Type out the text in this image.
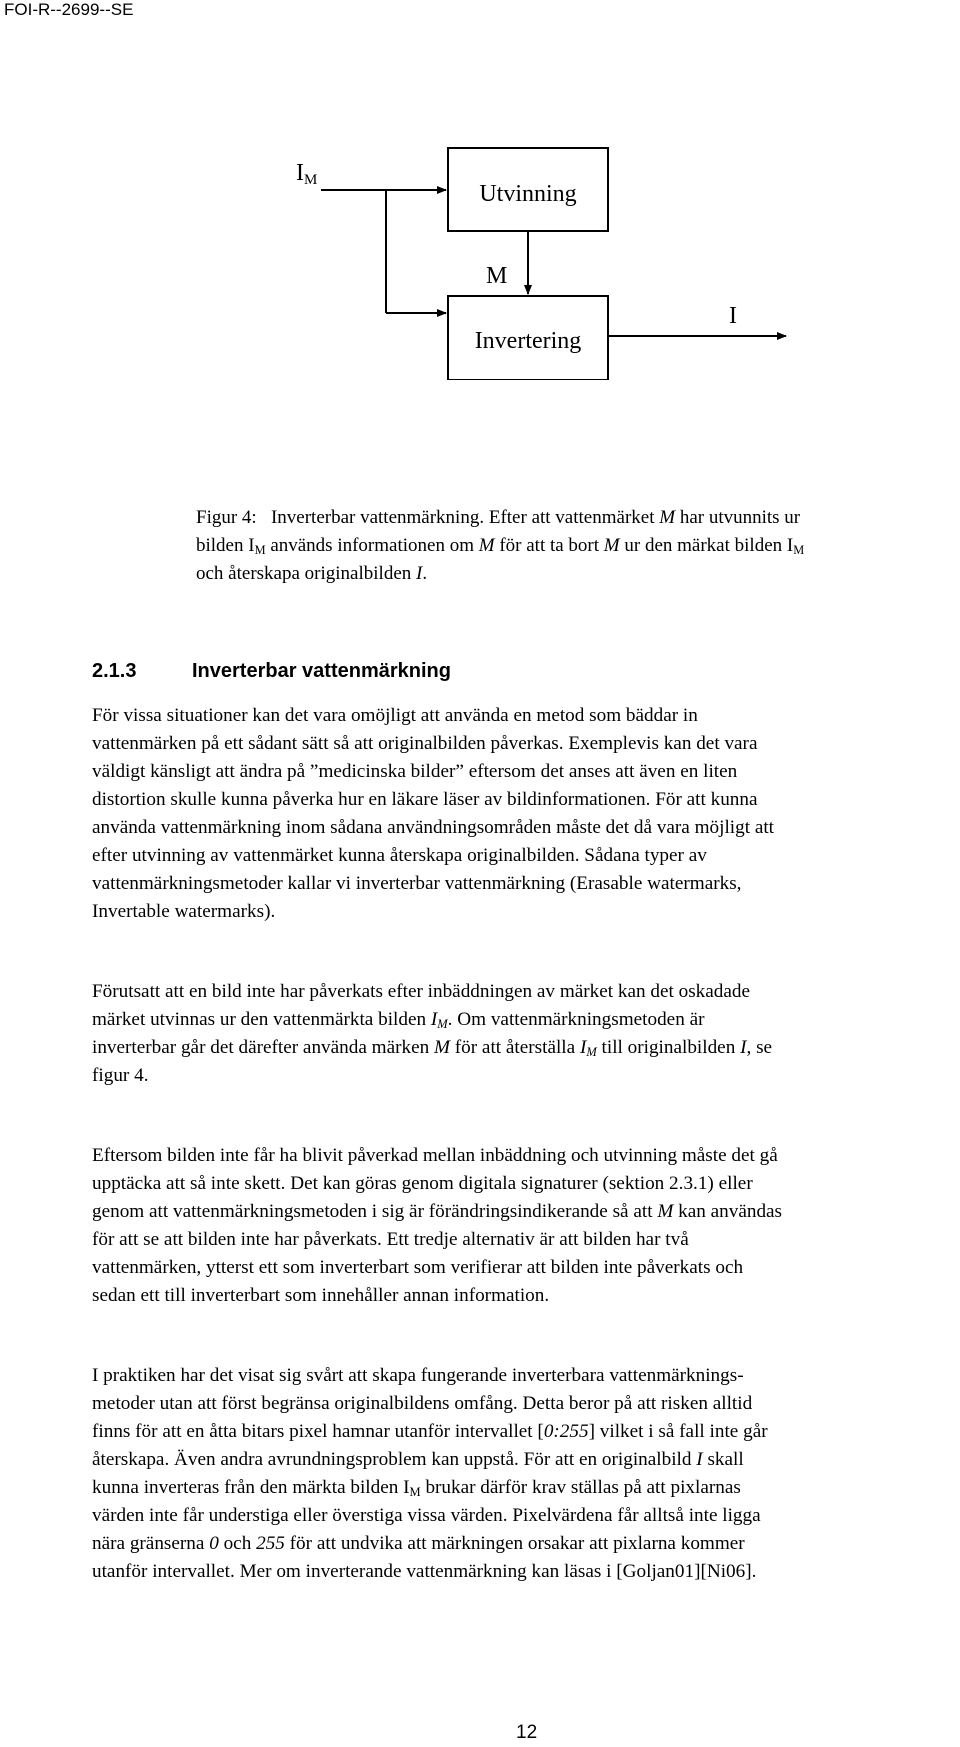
FOI-R--2699--SE
IM
Utvinning
M
Invertering
I
Figur 4: Inverterbar vattenmärkning. Efter att vattenmärket M har utvunnits ur bilden $I_M$ används informationen om M för att ta bort M ur den märkat bilden $I_M$ och återskapa originalbilden I.
2.1.3	Inverterbar vattenmärkning
För vissa situationer kan det vara omöjligt att använda en metod som bäddar in
vattenmärken på ett sådant sätt så att originalbilden påverkas. Exemplevis kan det vara
väldigt känsligt att ändra på ”medicinska bilder” eftersom det anses att även en liten
distortion skulle kunna påverka hur en läkare läser av bildinformationen. För att kunna
använda vattenmärkning inom sådana användningsområden måste det då vara möjligt att
efter utvinning av vattenmärket kunna återskapa originalbilden. Sådana typer av
vattenmärkningsmetoder kallar vi inverterbar vattenmärkning (Erasable watermarks,
Invertable watermarks).
Förutsatt att en bild inte har påverkats efter inbäddningen av märket kan det oskadade
märket utvinnas ur den vattenmärkta bilden $I_M$. Om vattenmärkningsmetoden är
inverterbar går det därefter använda märken M för att återställa $I_M$ till originalbilden I, se
figur 4.
Eftersom bilden inte får ha blivit påverkad mellan inbäddning och utvinning måste det gå
upptäcka att så inte skett. Det kan göras genom digitala signaturer (sektion 2.3.1) eller
genom att vattenmärkningsmetoden i sig är förändringsindikerande så att M kan användas
för att se att bilden inte har påverkats. Ett tredje alternativ är att bilden har två
vattenmärken, ytterst ett som inverterbart som verifierar att bilden inte påverkats och
sedan ett till inverterbart som innehåller annan information.
I praktiken har det visat sig svårt att skapa fungerande inverterbara vattenmärknings-
metoder utan att först begränsa originalbildens omfång. Detta beror på att risken alltid
finns för att en åtta bitars pixel hamnar utanför intervallet [0:255] vilket i så fall inte går
återskapa. Även andra avrundningsproblem kan uppstå. För att en originalbild I skall
kunna inverteras från den märkta bilden $I_M$ brukar därför krav ställas på att pixlarnas
värden inte får understiga eller överstiga vissa värden. Pixelvärdena får alltså inte ligga
nära gränserna 0 och 255 för att undvika att märkningen orsakar att pixlarna kommer
utanför intervallet. Mer om inverterande vattenmärkning kan läsas i [Goljan01][Ni06].
12
